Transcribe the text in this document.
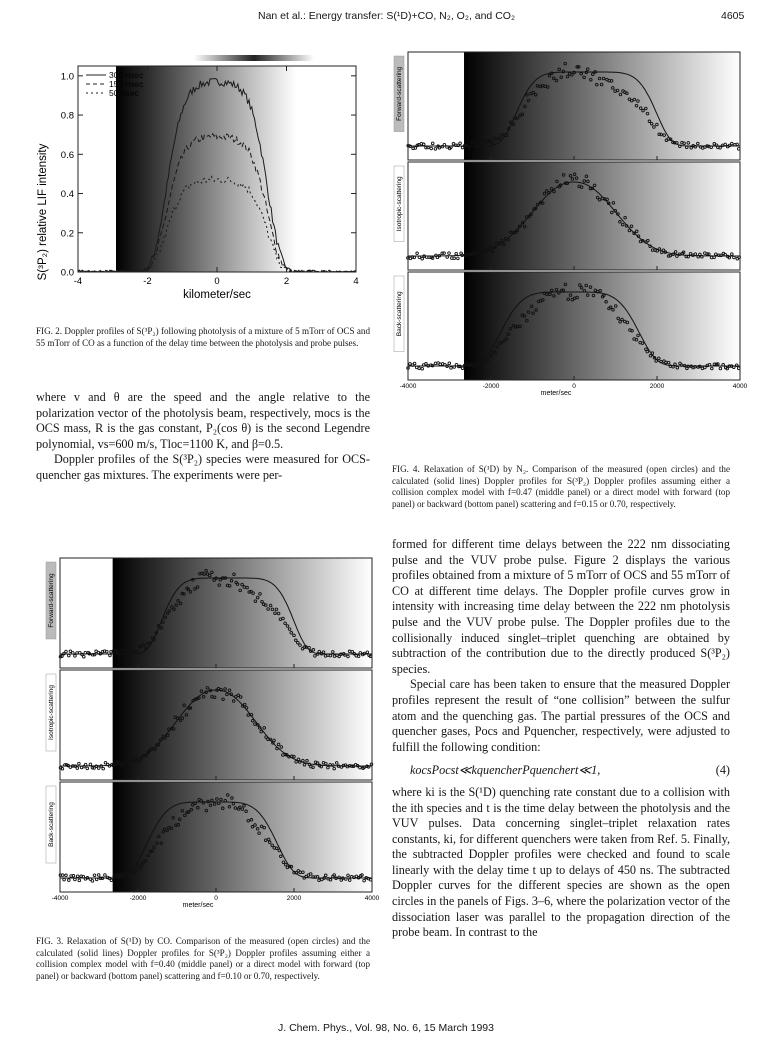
Nan et al.: Energy transfer: S(¹D)+CO, N₂, O₂, and CO₂	4605
-4	-2	0	2	4
0.0
0.2
0.4
0.6
0.8
1.0
S(³P₂) relative LIF intensity
kilometer/sec
300 nsec
150 nsec
50 nsec
FIG. 2. Doppler profiles of S(³P₂) following photolysis of a mixture of 5 mTorr of OCS and 55 mTorr of CO as a function of the delay time between the photolysis and probe pulses.

where v and θ are the speed and the angle relative to the polarization vector of the photolysis beam, respectively, mocs is the OCS mass, R is the gas constant, P₂(cos θ) is the second Legendre polynomial, vs=600 m/s, Tloc=1100 K, and β=0.5.

Doppler profiles of the S(³P₂) species were measured for OCS-quencher gas mixtures. The experiments were per-

Forward-scattering
Isotropic-scattering
Back-scattering
-4000	-2000	0	2000	4000
meter/sec
FIG. 4. Relaxation of S(¹D) by N₂. Comparison of the measured (open circles) and the calculated (solid lines) Doppler profiles for S(³P₂) Doppler profiles assuming either a collision complex model with f=0.47 (middle panel) or a direct model with forward (top panel) or backward (bottom panel) scattering and f=0.15 or 0.70, respectively.
Forward-scattering
Isotropic-scattering
Back-scattering
-4000	-2000	0	2000	4000
meter/sec
FIG. 3. Relaxation of S(¹D) by CO. Comparison of the measured (open circles) and the calculated (solid lines) Doppler profiles for S(³P₂) Doppler profiles assuming either a collision complex model with f=0.40 (middle panel) or a direct model with forward (top panel) or backward (bottom panel) scattering and f=0.10 or 0.70, respectively.

formed for different time delays between the 222 nm dissociating pulse and the VUV probe pulse. Figure 2 displays the various profiles obtained from a mixture of 5 mTorr of OCS and 55 mTorr of CO at different time delays. The Doppler profile curves grow in intensity with increasing time delay between the 222 nm photolysis pulse and the VUV probe pulse. The Doppler profiles due to the collisionally induced singlet–triplet quenching are obtained by subtraction of the contribution due to the directly produced S(³P₂) species.

Special care has been taken to ensure that the measured Doppler profiles represent the result of “one collision” between the sulfur atom and the quenching gas. The partial pressures of the OCS and quencher gases, Pocs and Pquencher, respectively, were adjusted to fulfill the following condition:

kocsPocst≪kquencherPquenchert≪1,	(4)

where ki is the S(¹D) quenching rate constant due to a collision with the ith species and t is the time delay between the photolysis and the VUV pulses. Data concerning singlet–triplet relaxation rates constants, ki, for different quenchers were taken from Ref. 5. Finally, the subtracted Doppler profiles were checked and found to scale linearly with the delay time t up to delays of 450 ns. The subtracted Doppler curves for the different species are shown as the open circles in the panels of Figs. 3–6, where the polarization vector of the dissociation laser was parallel to the propagation direction of the probe beam. In contrast to the

J. Chem. Phys., Vol. 98, No. 6, 15 March 1993
